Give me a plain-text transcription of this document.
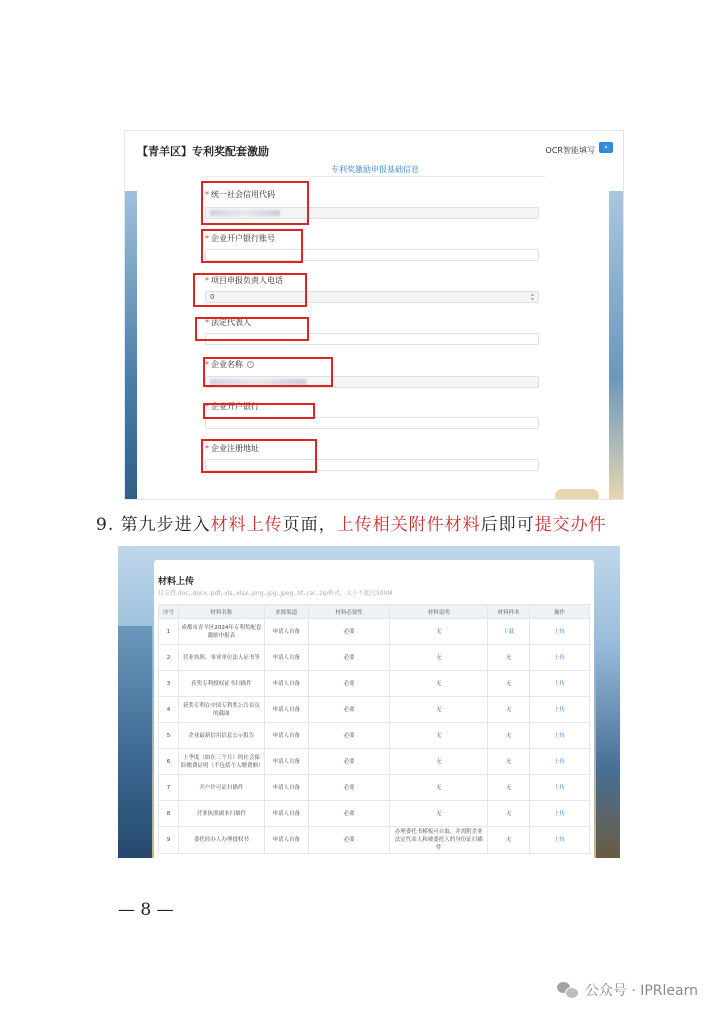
【青羊区】专利奖配套激励	OCR智能填写
专利奖激励申报基础信息
* 统一社会信用代码
* 企业开户银行账号
* 项目申报负责人电话
0	▴
▾
* 法定代表人
* 企业名称 i
* 企业开户银行
* 企业注册地址
9. 第九步进入材料上传页面，上传相关附件材料后即可提交办件
材料上传
仅支持.doc,.docx,.pdf,.xls,.xlsx,.png,.jpg,.jpeg,.bf,.rar,.zip格式，大小不超过500M
序号	材料名称	来源渠道	材料必要性	材料说明	材料样本	操作
1	成都市青羊区2024年专利奖配套激励申报表	申请人自备	必要	无	下载	上传
2	营业执照、事业单位法人证书等	申请人自备	必要	无	无	上传
3	获奖专利授权证书扫描件	申请人自备	必要	无	无	上传
4	获奖专利在中国专利奖公告首页的截图	申请人自备	必要	无	无	上传
5	企业最新信用信息公示报告	申请人自备	必要	无	无	上传
6	上季度（如在三个月）的社会保险缴费证明（不包括个人缴费额）	申请人自备	必要	无	无	上传
7	开户许可证扫描件	申请人自备	必要	无	无	上传
8	营业执照副本扫描件	申请人自备	必要	无	无	上传
9	委托经办人办理授权书	申请人自备	必要	办理委托书模板可自取，并需附企业法定代表人和被委托人的身份证扫描件	无	上传
— 8 —
公众号 · IPRlearn
